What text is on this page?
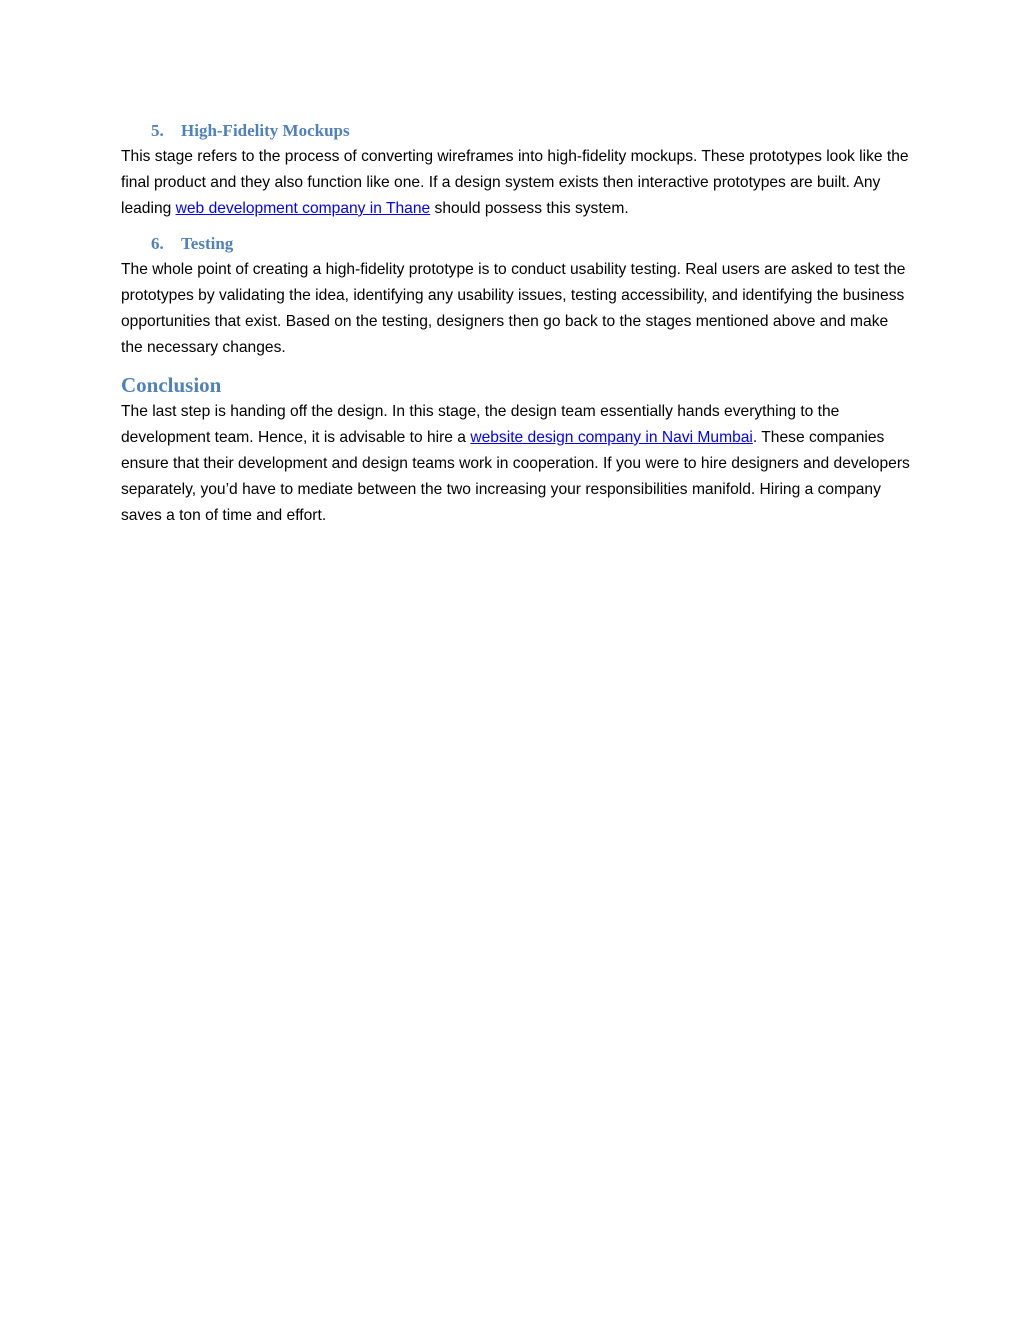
5. High-Fidelity Mockups

This stage refers to the process of converting wireframes into high-fidelity mockups. These prototypes look like the final product and they also function like one. If a design system exists then interactive prototypes are built. Any leading web development company in Thane should possess this system.

6. Testing

The whole point of creating a high-fidelity prototype is to conduct usability testing. Real users are asked to test the prototypes by validating the idea, identifying any usability issues, testing accessibility, and identifying the business opportunities that exist. Based on the testing, designers then go back to the stages mentioned above and make the necessary changes.

Conclusion

The last step is handing off the design. In this stage, the design team essentially hands everything to the development team. Hence, it is advisable to hire a website design company in Navi Mumbai. These companies ensure that their development and design teams work in cooperation. If you were to hire designers and developers separately, you’d have to mediate between the two increasing your responsibilities manifold. Hiring a company saves a ton of time and effort.
